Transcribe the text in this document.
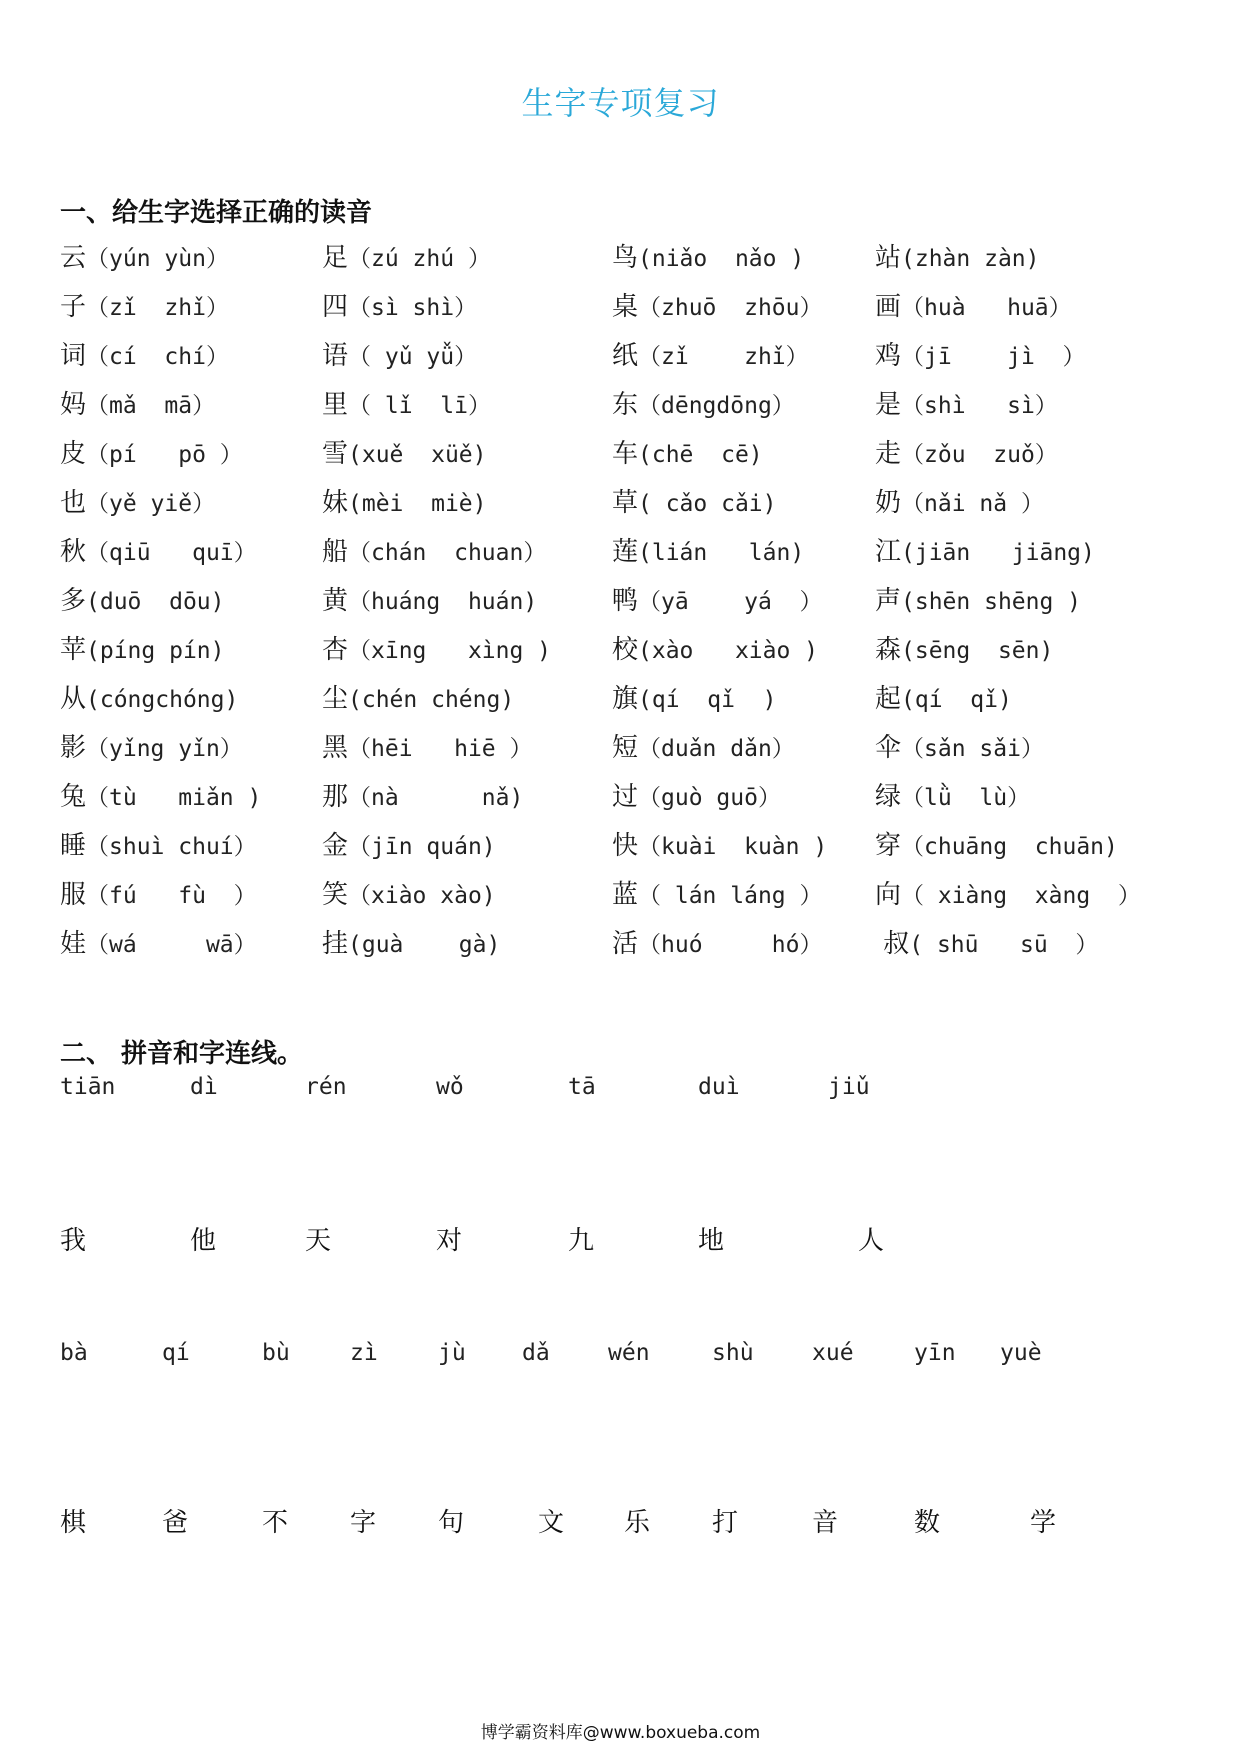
生字专项复习
一、给生字选择正确的读音
云（yún yùn）	足（zú zhú ）	鸟(niǎo  nǎo )	站(zhàn zàn)
子（zǐ  zhǐ）	四（sì shì）	桌（zhuō  zhōu） 画（huà   huā）
词（cí  chí）	语（ yǔ yǚ）	纸（zǐ    zhǐ）	鸡（jī    jì  ）
妈（mǎ  mā）	里（ lǐ  lī）	东（dēngdōng）	是（shì   sì）
皮（pí   pō ）	雪(xuě  xüě)	车(chē  cē)	走（zǒu  zuǒ）
也（yě yiě）	妹(mèi  miè)	草( cǎo cǎi)	奶（nǎi nǎ ）
秋（qiū   quī）	船（chán  chuan）	莲(lián   lán)	江(jiān   jiāng)
多(duō  dōu)	黄（huáng  huán)	鸭（yā    yá  ） 声(shēn shēng )
苹(píng pín)	杏（xīng   xìng ) 校(xào   xiào ) 森(sēng  sēn)
从(cóngchóng)	尘(chén chéng)	旗(qí  qǐ  )	起(qí  qǐ)
影（yǐng yǐn）	黑（hēi   hiē ）	短（duǎn dǎn）	伞（sǎn sǎi）
兔（tù   miǎn ) 那（nà      nǎ)	过（guò guō）	绿（lǜ  lù）
睡（shuì chuí）	金（jīn quán)	快（kuài  kuàn ) 穿（chuāng  chuān)
服（fú   fù  ）	笑（xiào xào)	蓝（ lán láng ） 向（ xiàng  xàng  ）
娃（wá     wā）	挂(guà    gà)	活（huó     hó） 叔( shū   sū  ）
二、 拼音和字连线。
tiān	dì	rén	wǒ	tā	duì	jiǔ
我	他	天	对	九	地	人
bà	qí	bù	zì	jù dǎ	wén	shù	xué	yīn yuè
棋	爸	不 字 句	文 乐 打	音	数	学
博学霸资料库@www.boxueba.com
